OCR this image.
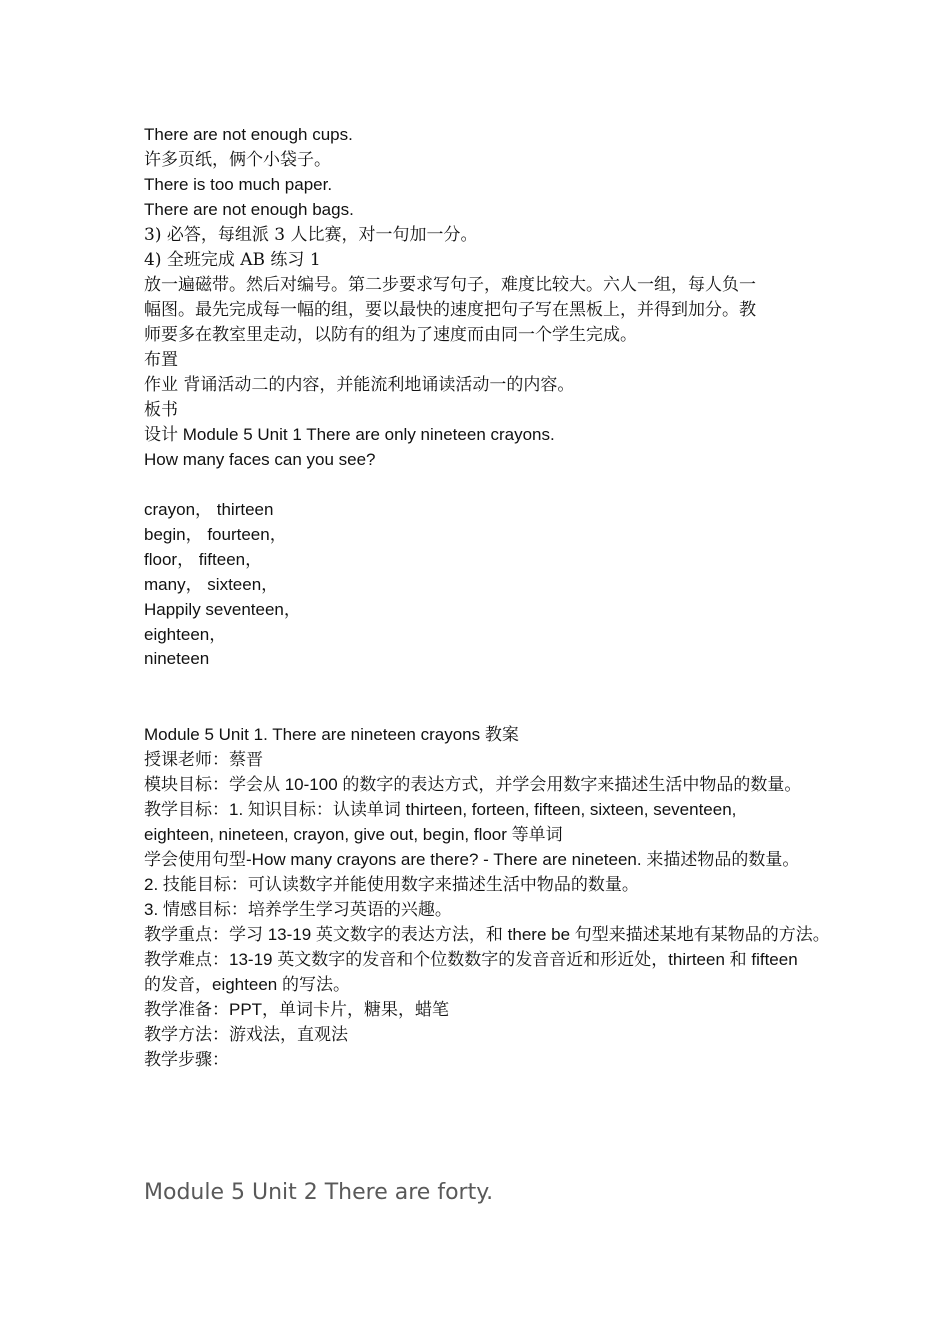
There are not enough cups.
许多页纸，俩个小袋子。
There is too much paper.
There are not enough bags.
3) 必答，每组派 3 人比赛，对一句加一分。
4) 全班完成 AB 练习 1
放一遍磁带。然后对编号。第二步要求写句子，难度比较大。六人一组，每人负一
幅图。最先完成每一幅的组，要以最快的速度把句子写在黑板上，并得到加分。教
师要多在教室里走动，以防有的组为了速度而由同一个学生完成。
布置
作业 背诵活动二的内容，并能流利地诵读活动一的内容。
板书
设计 Module 5 Unit 1 There are only nineteen crayons.
How many faces can you see?
crayon， thirteen
begin， fourteen，
floor， fifteen，
many， sixteen，
Happily seventeen，
eighteen，
nineteen
Module 5 Unit 1. There are nineteen crayons 教案
授课老师：蔡晋
模块目标：学会从 10-100 的数字的表达方式，并学会用数字来描述生活中物品的数量。
教学目标：1. 知识目标：认读单词 thirteen, forteen, fifteen, sixteen, seventeen,
eighteen, nineteen, crayon, give out, begin, floor 等单词
学会使用句型-How many crayons are there? - There are nineteen. 来描述物品的数量。
2. 技能目标：可认读数字并能使用数字来描述生活中物品的数量。
3. 情感目标：培养学生学习英语的兴趣。
教学重点：学习 13-19 英文数字的表达方法，和 there be 句型来描述某地有某物品的方法。
教学难点：13-19 英文数字的发音和个位数数字的发音音近和形近处，thirteen 和 fifteen
的发音，eighteen 的写法。
教学准备：PPT，单词卡片，糖果，蜡笔
教学方法：游戏法，直观法
教学步骤：
Module 5 Unit 2 There are forty.
